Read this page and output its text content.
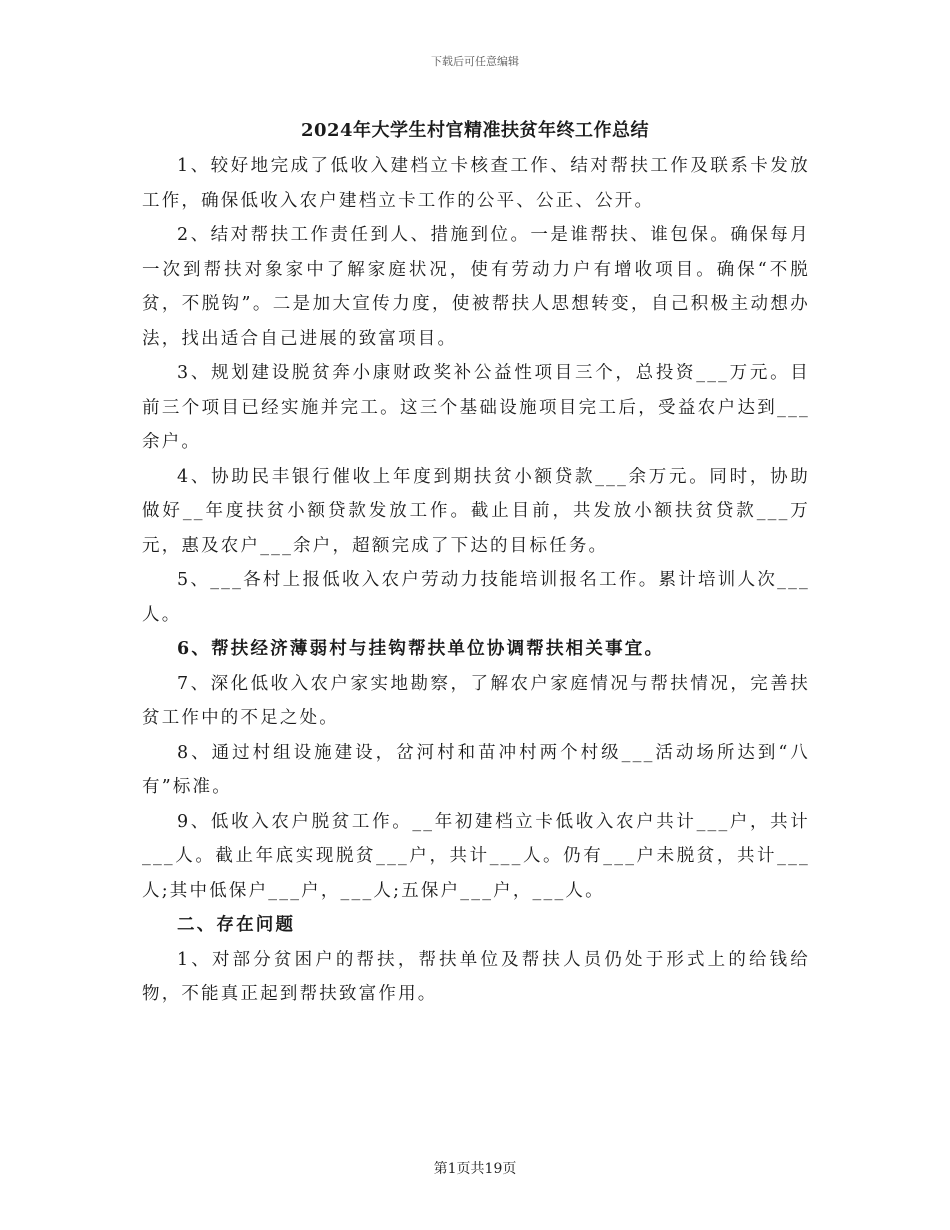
下载后可任意编辑
2024年大学生村官精准扶贫年终工作总结

1、较好地完成了低收入建档立卡核查工作、结对帮扶工作及联系卡发放工作，确保低收入农户建档立卡工作的公平、公正、公开。

2、结对帮扶工作责任到人、措施到位。一是谁帮扶、谁包保。确保每月一次到帮扶对象家中了解家庭状况，使有劳动力户有增收项目。确保“不脱贫，不脱钩”。二是加大宣传力度，使被帮扶人思想转变，自己积极主动想办法，找出适合自己进展的致富项目。

3、规划建设脱贫奔小康财政奖补公益性项目三个，总投资___万元。目前三个项目已经实施并完工。这三个基础设施项目完工后，受益农户达到___余户。

4、协助民丰银行催收上年度到期扶贫小额贷款___余万元。同时，协助做好__年度扶贫小额贷款发放工作。截止目前，共发放小额扶贫贷款___万元，惠及农户___余户，超额完成了下达的目标任务。

5、___各村上报低收入农户劳动力技能培训报名工作。累计培训人次___人。

6、帮扶经济薄弱村与挂钩帮扶单位协调帮扶相关事宜。

7、深化低收入农户家实地勘察，了解农户家庭情况与帮扶情况，完善扶贫工作中的不足之处。

8、通过村组设施建设，岔河村和苗冲村两个村级___活动场所达到“八有”标准。

9、低收入农户脱贫工作。__年初建档立卡低收入农户共计___户，共计___人。截止年底实现脱贫___户，共计___人。仍有___户未脱贫，共计___人;其中低保户___户，___人;五保户___户，___人。

二、存在问题

1、对部分贫困户的帮扶，帮扶单位及帮扶人员仍处于形式上的给钱给物，不能真正起到帮扶致富作用。

第1页共19页
